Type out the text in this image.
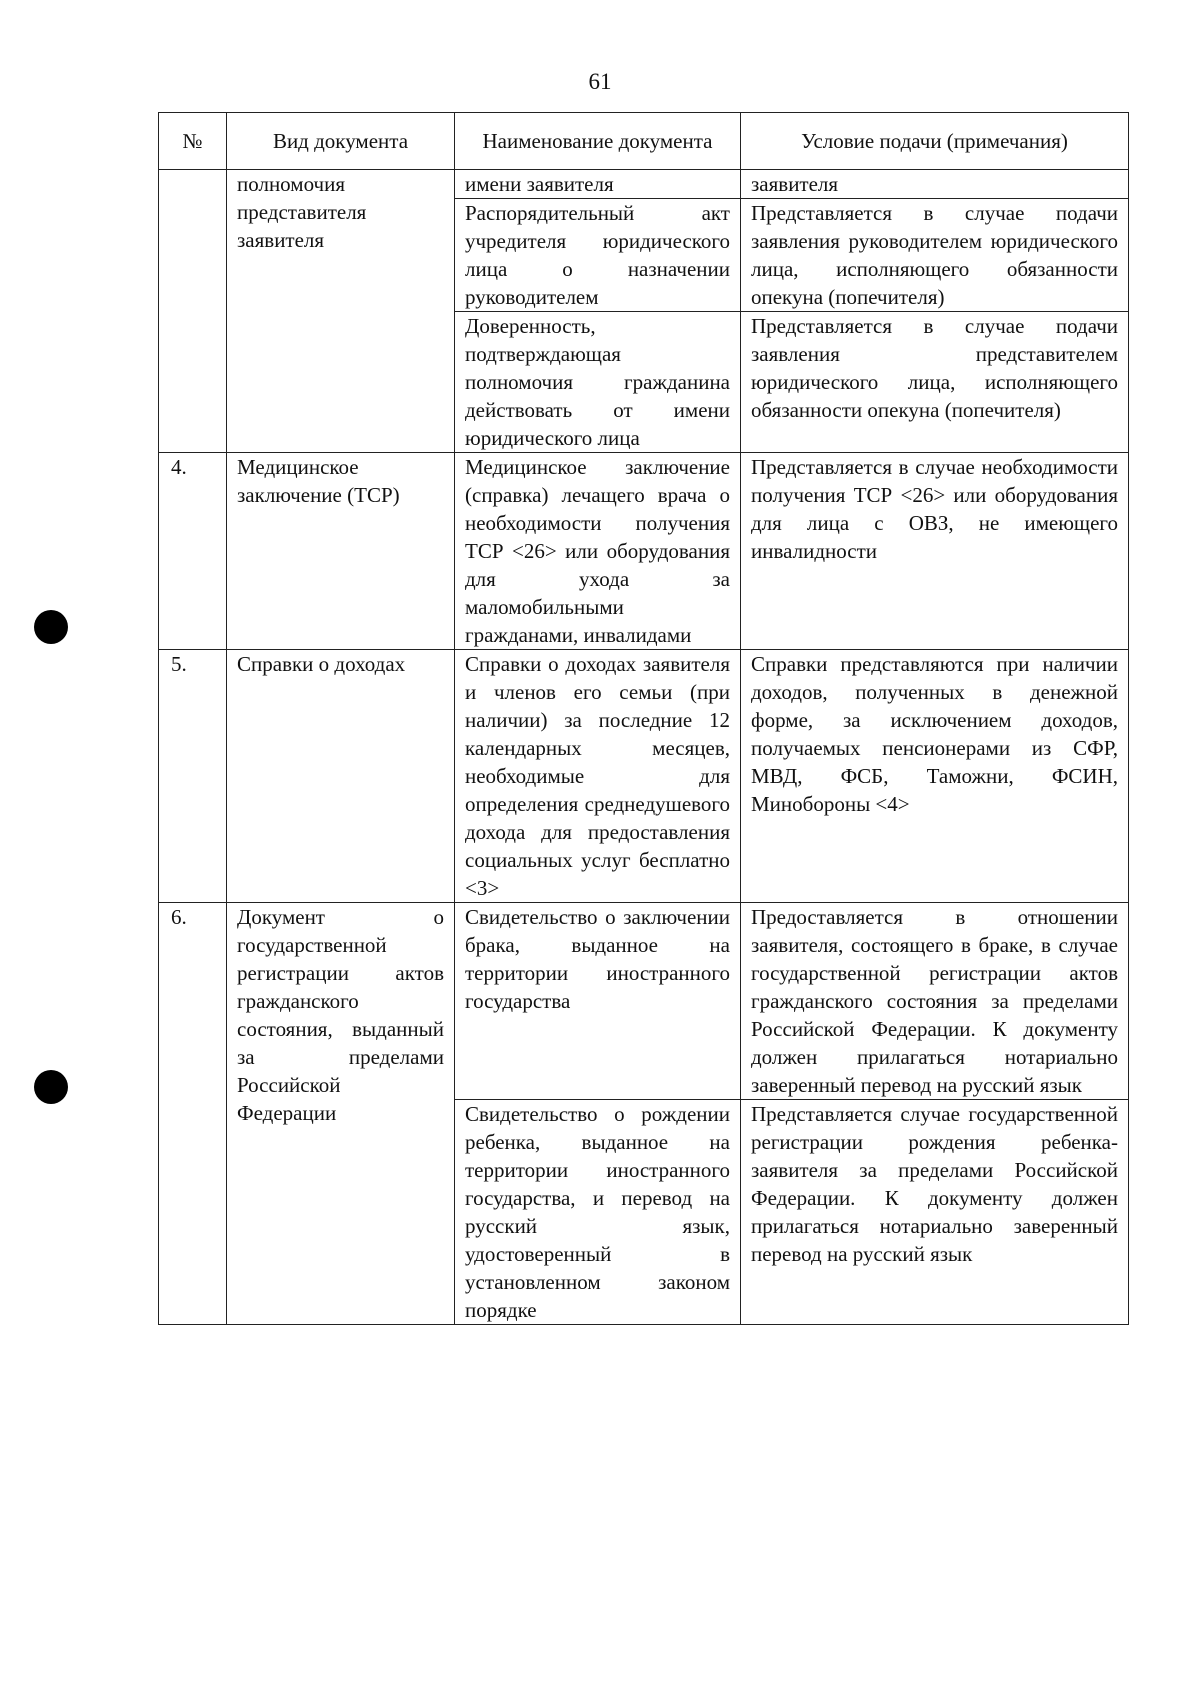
61
№	Вид документа	Наименование документа	Условие подачи (примечания)
	полномочия представителя заявителя	имени заявителя	заявителя
		Распорядительный акт учредителя юридического лица о назначении руководителем	Представляется в случае подачи заявления руководителем юридического лица, исполняющего обязанности опекуна (попечителя)
		Доверенность, подтверждающая полномочия гражданина действовать от имени юридического лица	Представляется в случае подачи заявления представителем юридического лица, исполняющего обязанности опекуна (попечителя)
4.	Медицинское заключение (ТСР)	Медицинское заключение (справка) лечащего врача о необходимости получения ТСР <26> или оборудования для ухода за маломобильными гражданами, инвалидами	Представляется в случае необходимости получения ТСР <26> или оборудования для лица с ОВЗ, не имеющего инвалидности
5.	Справки о доходах	Справки о доходах заявителя и членов его семьи (при наличии) за последние 12 календарных месяцев, необходимые для определения среднедушевого дохода для предоставления социальных услуг бесплатно <3>	Справки представляются при наличии доходов, полученных в денежной форме, за исключением доходов, получаемых пенсионерами из СФР, МВД, ФСБ, Таможни, ФСИН, Минобороны <4>
6.	Документ о государственной регистрации актов гражданского состояния, выданный за пределами Российской Федерации	Свидетельство о заключении брака, выданное на территории иностранного государства	Предоставляется в отношении заявителя, состоящего в браке, в случае государственной регистрации актов гражданского состояния за пределами Российской Федерации. К документу должен прилагаться нотариально заверенный перевод на русский язык
		Свидетельство о рождении ребенка, выданное на территории иностранного государства, и перевод на русский язык, удостоверенный в установленном законом порядке	Представляется случае государственной регистрации рождения ребенка-заявителя за пределами Российской Федерации. К документу должен прилагаться нотариально заверенный перевод на русский язык
